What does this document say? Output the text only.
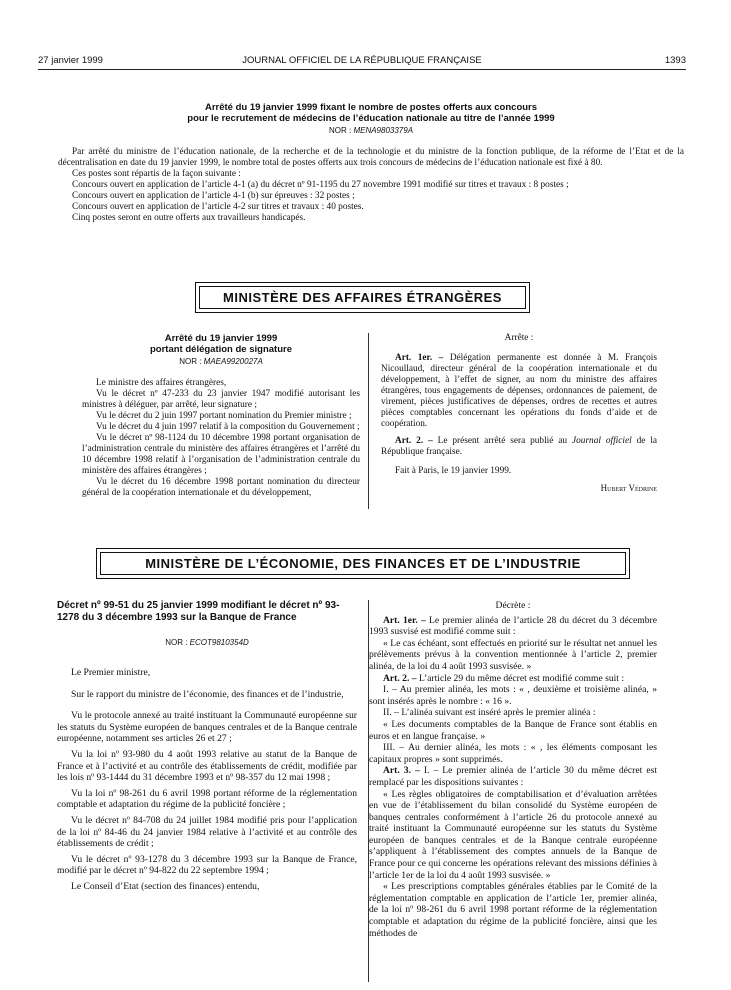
27 janvier 1999	JOURNAL OFFICIEL DE LA RÉPUBLIQUE FRANÇAISE	1393
Arrêté du 19 janvier 1999 fixant le nombre de postes offerts aux concours
pour le recrutement de médecins de l’éducation nationale au titre de l’année 1999
NOR : MENA9803379A

Par arrêté du ministre de l’éducation nationale, de la recherche et de la technologie et du ministre de la fonction publique, de la réforme de l’Etat et de la décentralisation en date du 19 janvier 1999, le nombre total de postes offerts aux trois concours de médecins de l’éducation nationale est fixé à 80.

Ces postes sont répartis de la façon suivante :

Concours ouvert en application de l’article 4-1 (a) du décret nº 91-1195 du 27 novembre 1991 modifié sur titres et travaux : 8 postes ;

Concours ouvert en application de l’article 4-1 (b) sur épreuves : 32 postes ;

Concours ouvert en application de l’article 4-2 sur titres et travaux : 40 postes.

Cinq postes seront en outre offerts aux travailleurs handicapés.

MINISTÈRE DES AFFAIRES ÉTRANGÈRES
Arrêté du 19 janvier 1999
portant délégation de signature
NOR : MAEA9920027A

Le ministre des affaires étrangères,

Vu le décret nº 47-233 du 23 janvier 1947 modifié autorisant les ministres à déléguer, par arrêté, leur signature ;

Vu le décret du 2 juin 1997 portant nomination du Premier ministre ;

Vu le décret du 4 juin 1997 relatif à la composition du Gouvernement ;

Vu le décret nº 98-1124 du 10 décembre 1998 portant organisation de l’administration centrale du ministère des affaires étrangères et l’arrêté du 10 décembre 1998 relatif à l’organisation de l’administration centrale du ministère des affaires étrangères ;

Vu le décret du 16 décembre 1998 portant nomination du directeur général de la coopération internationale et du développement,

Arrête :

Art. 1er. – Délégation permanente est donnée à M. François Nicoullaud, directeur général de la coopération internationale et du développement, à l’effet de signer, au nom du ministre des affaires étrangères, tous engagements de dépenses, ordonnances de paiement, de virement, pièces justificatives de dépenses, ordres de recettes et autres pièces comptables concernant les opérations du fonds d’aide et de coopération.

Art. 2. – Le présent arrêté sera publié au Journal officiel de la République française.

Fait à Paris, le 19 janvier 1999.

Hubert Védrine

MINISTÈRE DE L’ÉCONOMIE, DES FINANCES ET DE L’INDUSTRIE
Décret nº 99-51 du 25 janvier 1999 modifiant le décret nº 93-1278 du 3 décembre 1993 sur la Banque de France
NOR : ECOT9810354D

Le Premier ministre,

Sur le rapport du ministre de l’économie, des finances et de l’industrie,

Vu le protocole annexé au traité instituant la Communauté européenne sur les statuts du Système européen de banques centrales et de la Banque centrale européenne, notamment ses articles 26 et 27 ;

Vu la loi nº 93-980 du 4 août 1993 relative au statut de la Banque de France et à l’activité et au contrôle des établissements de crédit, modifiée par les lois nº 93-1444 du 31 décembre 1993 et nº 98-357 du 12 mai 1998 ;

Vu la loi nº 98-261 du 6 avril 1998 portant réforme de la réglementation comptable et adaptation du régime de la publicité foncière ;

Vu le décret nº 84-708 du 24 juillet 1984 modifié pris pour l’application de la loi nº 84-46 du 24 janvier 1984 relative à l’activité et au contrôle des établissements de crédit ;

Vu le décret nº 93-1278 du 3 décembre 1993 sur la Banque de France, modifié par le décret nº 94-822 du 22 septembre 1994 ;

Le Conseil d’Etat (section des finances) entendu,

Décrète :

Art. 1er. – Le premier alinéa de l’article 28 du décret du 3 décembre 1993 susvisé est modifié comme suit :

« Le cas échéant, sont effectués en priorité sur le résultat net annuel les prélèvements prévus à la convention mentionnée à l’article 2, premier alinéa, de la loi du 4 août 1993 susvisée. »

Art. 2. – L’article 29 du même décret est modifié comme suit :

I. – Au premier alinéa, les mots : « , deuxième et troisième alinéa, » sont insérés après le nombre : « 16 ».

II. – L’alinéa suivant est inséré après le premier alinéa :

« Les documents comptables de la Banque de France sont établis en euros et en langue française. »

III. – Au dernier alinéa, les mots : « , les éléments composant les capitaux propres » sont supprimés.

Art. 3. – I. – Le premier alinéa de l’article 30 du même décret est remplacé par les dispositions suivantes :

« Les règles obligatoires de comptabilisation et d’évaluation arrêtées en vue de l’établissement du bilan consolidé du Système européen de banques centrales conformément à l’article 26 du protocole annexé au traité instituant la Communauté européenne sur les statuts du Système européen de banques centrales et de la Banque centrale européenne s’appliquent à l’établissement des comptes annuels de la Banque de France pour ce qui concerne les opérations relevant des missions définies à l’article 1er de la loi du 4 août 1993 susvisée. »

« Les prescriptions comptables générales établies par le Comité de la réglementation comptable en application de l’article 1er, premier alinéa, de la loi nº 98-261 du 6 avril 1998 portant réforme de la réglementation comptable et adaptation du régime de la publicité foncière, ainsi que les méthodes de
